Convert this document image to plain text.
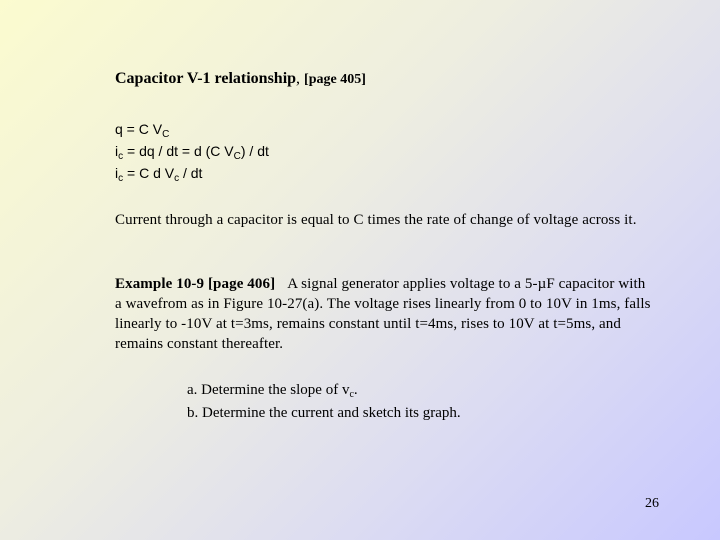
Capacitor V-1 relationship, [page 405]
q = C $V_C$
$i_c$ = dq / dt = d (C $V_C$) / dt
$i_c = C$ d $V_c$ / dt
Current through a capacitor is equal to C times the rate of change of voltage across it.
Example 10-9 [page 406] A signal generator applies voltage to a 5-µF capacitor with a wavefrom as in Figure 10-27(a). The voltage rises linearly from 0 to 10V in 1ms, falls linearly to -10V at t=3ms, remains constant until t=4ms, rises to 10V at t=5ms, and remains constant thereafter.
a. Determine the slope of $v_c$.
b. Determine the current and sketch its graph.
26
